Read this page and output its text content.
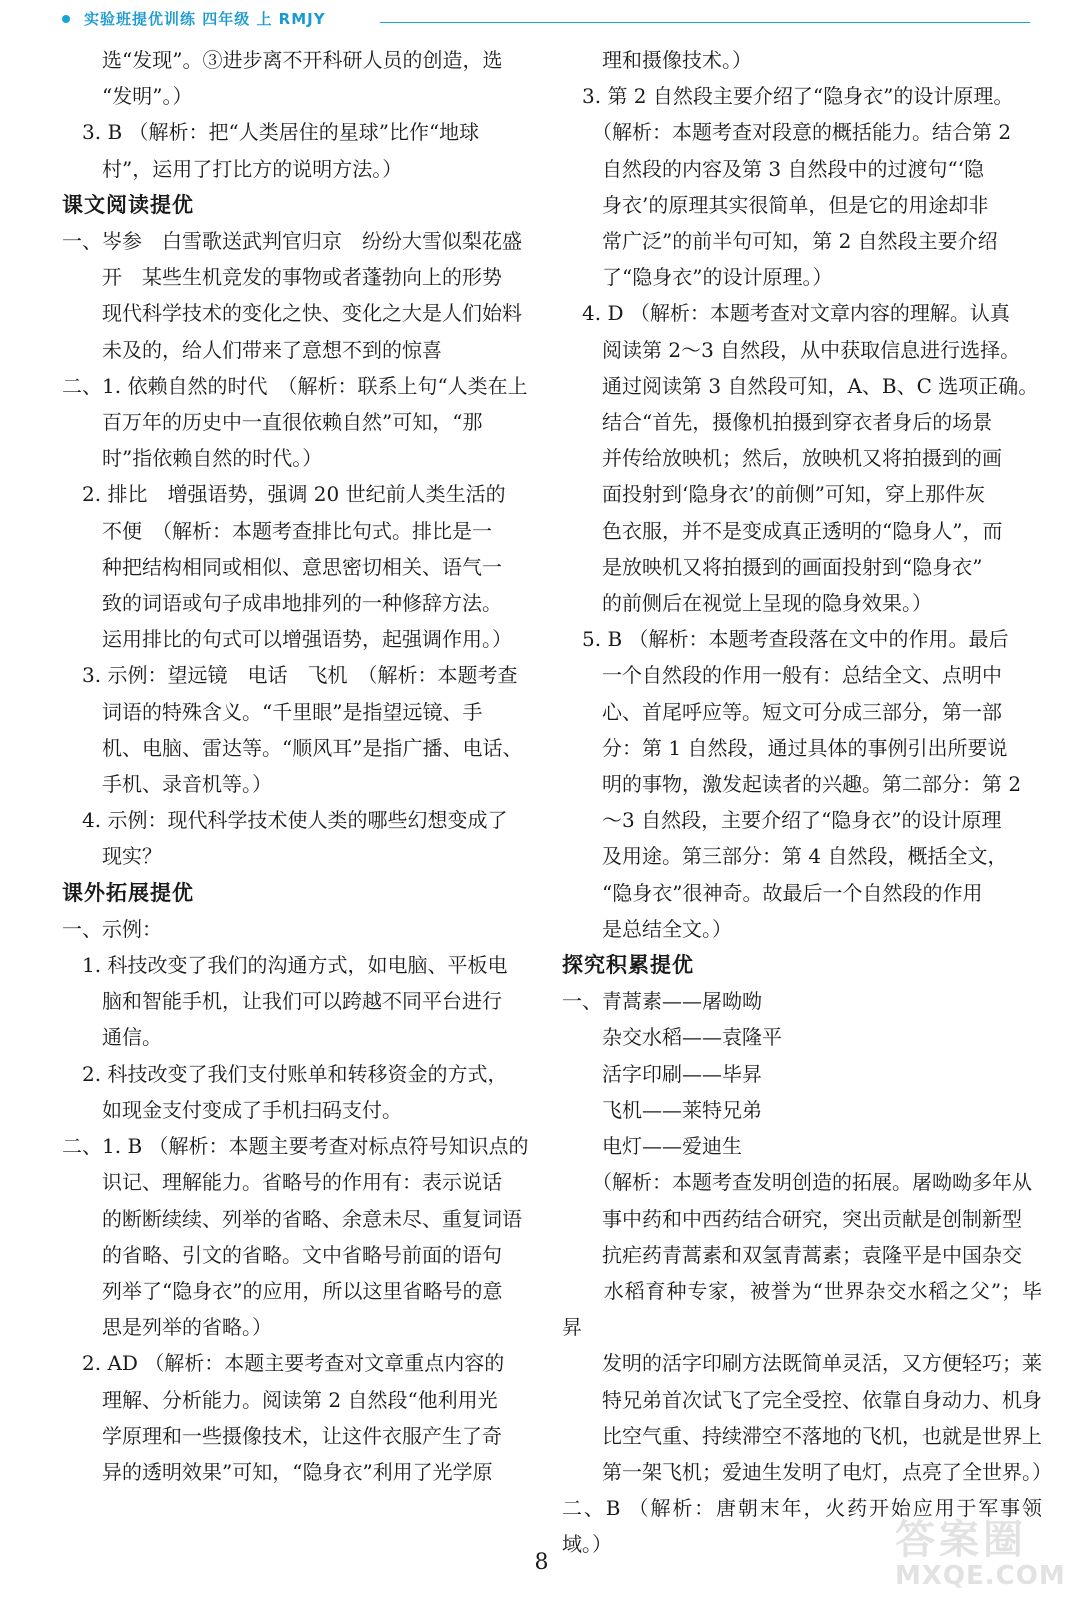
实验班提优训练 四年级 上 RMJY
　　选“发现”。③进步离不开科研人员的创造，选
　　“发明”。）
　3. B （解析：把“人类居住的星球”比作“地球
　　村”，运用了打比方的说明方法。）
课文阅读提优
一、岑参　白雪歌送武判官归京　纷纷大雪似梨花盛
　　开　某些生机竞发的事物或者蓬勃向上的形势
　　现代科学技术的变化之快、变化之大是人们始料
　　未及的，给人们带来了意想不到的惊喜
二、1. 依赖自然的时代　（解析：联系上句“人类在上
　　百万年的历史中一直很依赖自然”可知，“那
　　时”指依赖自然的时代。）
　2. 排比　增强语势，强调 20 世纪前人类生活的
　　不便　（解析：本题考查排比句式。排比是一
　　种把结构相同或相似、意思密切相关、语气一
　　致的词语或句子成串地排列的一种修辞方法。
　　运用排比的句式可以增强语势，起强调作用。）
　3. 示例：望远镜　电话　飞机　（解析：本题考查
　　词语的特殊含义。“千里眼”是指望远镜、手
　　机、电脑、雷达等。“顺风耳”是指广播、电话、
　　手机、录音机等。）
　4. 示例：现代科学技术使人类的哪些幻想变成了
　　现实？
课外拓展提优
一、示例：
　1. 科技改变了我们的沟通方式，如电脑、平板电
　　脑和智能手机，让我们可以跨越不同平台进行
　　通信。
　2. 科技改变了我们支付账单和转移资金的方式，
　　如现金支付变成了手机扫码支付。
二、1. B （解析：本题主要考查对标点符号知识点的
　　识记、理解能力。省略号的作用有：表示说话
　　的断断续续、列举的省略、余意未尽、重复词语
　　的省略、引文的省略。文中省略号前面的语句
　　列举了“隐身衣”的应用，所以这里省略号的意
　　思是列举的省略。）
　2. AD （解析：本题主要考查对文章重点内容的
　　理解、分析能力。阅读第 2 自然段“他利用光
　　学原理和一些摄像技术，让这件衣服产生了奇
　　异的透明效果”可知，“隐身衣”利用了光学原
　　理和摄像技术。）
　3. 第 2 自然段主要介绍了“隐身衣”的设计原理。
　　（解析：本题考查对段意的概括能力。结合第 2
　　自然段的内容及第 3 自然段中的过渡句“‘隐
　　身衣’的原理其实很简单，但是它的用途却非
　　常广泛”的前半句可知，第 2 自然段主要介绍
　　了“隐身衣”的设计原理。）
　4. D （解析：本题考查对文章内容的理解。认真
　　阅读第 2～3 自然段，从中获取信息进行选择。
　　通过阅读第 3 自然段可知，A、B、C 选项正确。
　　结合“首先，摄像机拍摄到穿衣者身后的场景
　　并传给放映机；然后，放映机又将拍摄到的画
　　面投射到‘隐身衣’的前侧”可知，穿上那件灰
　　色衣服，并不是变成真正透明的“隐身人”，而
　　是放映机又将拍摄到的画面投射到“隐身衣”
　　的前侧后在视觉上呈现的隐身效果。）
　5. B （解析：本题考查段落在文中的作用。最后
　　一个自然段的作用一般有：总结全文、点明中
　　心、首尾呼应等。短文可分成三部分，第一部
　　分：第 1 自然段，通过具体的事例引出所要说
　　明的事物，激发起读者的兴趣。第二部分：第 2
　　～3 自然段，主要介绍了“隐身衣”的设计原理
　　及用途。第三部分：第 4 自然段，概括全文，
　　“隐身衣”很神奇。故最后一个自然段的作用
　　是总结全文。）
探究积累提优
一、青蒿素——屠呦呦
　　杂交水稻——袁隆平
　　活字印刷——毕昇
　　飞机——莱特兄弟
　　电灯——爱迪生
　　（解析：本题考查发明创造的拓展。屠呦呦多年从
　　事中药和中西药结合研究，突出贡献是创制新型
　　抗疟药青蒿素和双氢青蒿素；袁隆平是中国杂交
　　水稻育种专家，被誉为“世界杂交水稻之父”；毕昇
　　发明的活字印刷方法既简单灵活，又方便轻巧；莱
　　特兄弟首次试飞了完全受控、依靠自身动力、机身
　　比空气重、持续滞空不落地的飞机，也就是世界上
　　第一架飞机；爱迪生发明了电灯，点亮了全世界。）
二、B （解析：唐朝末年，火药开始应用于军事领域。）
8	答案圈
MXQE.COM
